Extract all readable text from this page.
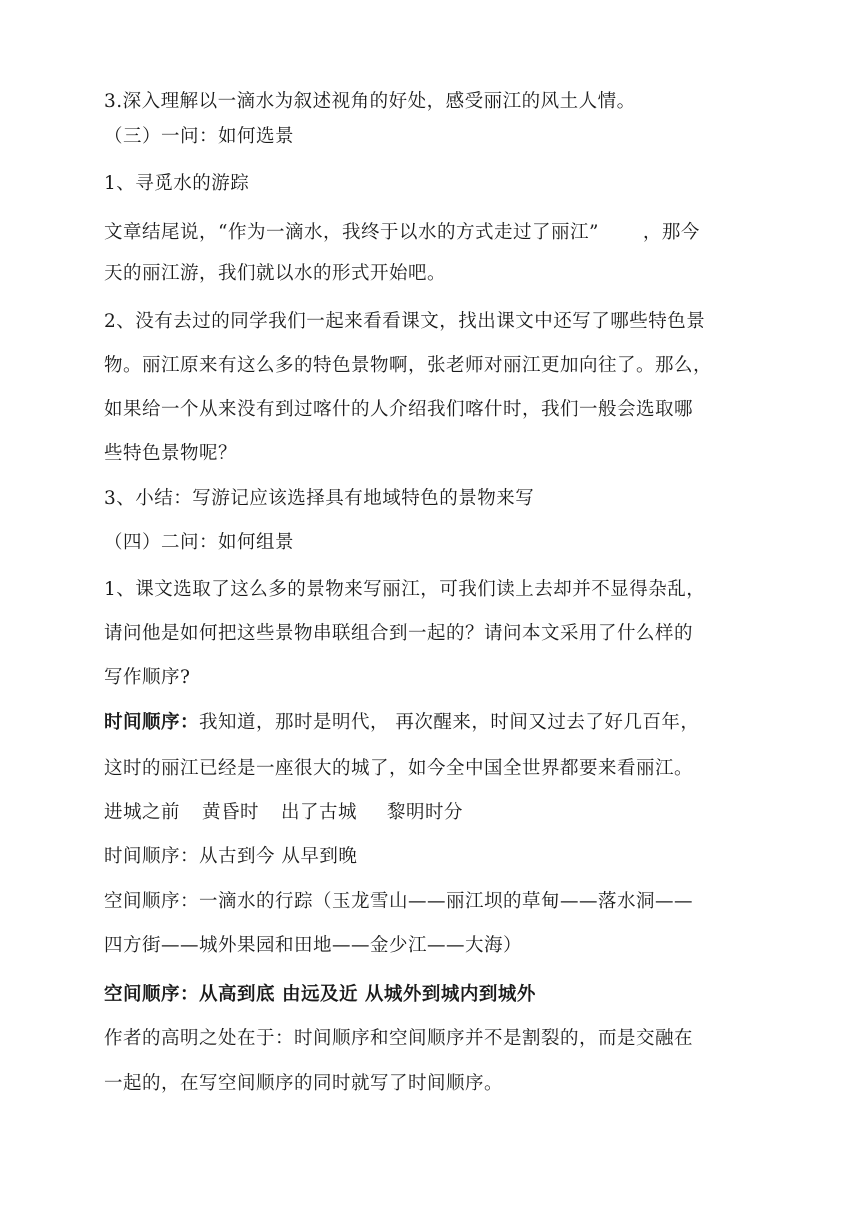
3.深入理解以一滴水为叙述视角的好处，感受丽江的风土人情。
（三）一问：如何选景
1、寻觅水的游踪
文章结尾说，“作为一滴水，我终于以水的方式走过了丽江” ，那今
天的丽江游，我们就以水的形式开始吧。
2、没有去过的同学我们一起来看看课文，找出课文中还写了哪些特色景
物。丽江原来有这么多的特色景物啊，张老师对丽江更加向往了。那么，
如果给一个从来没有到过喀什的人介绍我们喀什时，我们一般会选取哪
些特色景物呢？
3、小结：写游记应该选择具有地域特色的景物来写
（四）二问：如何组景
1、课文选取了这么多的景物来写丽江，可我们读上去却并不显得杂乱，
请问他是如何把这些景物串联组合到一起的？请问本文采用了什么样的
写作顺序?
时间顺序：我知道，那时是明代， 再次醒来，时间又过去了好几百年，
这时的丽江已经是一座很大的城了，如今全中国全世界都要来看丽江。
进城之前 黄昏时 出了古城 黎明时分
时间顺序：从古到今 从早到晚
空间顺序：一滴水的行踪（玉龙雪山——丽江坝的草甸——落水洞——
四方街——城外果园和田地——金少江——大海）
空间顺序：从高到底 由远及近 从城外到城内到城外
作者的高明之处在于：时间顺序和空间顺序并不是割裂的，而是交融在
一起的，在写空间顺序的同时就写了时间顺序。
